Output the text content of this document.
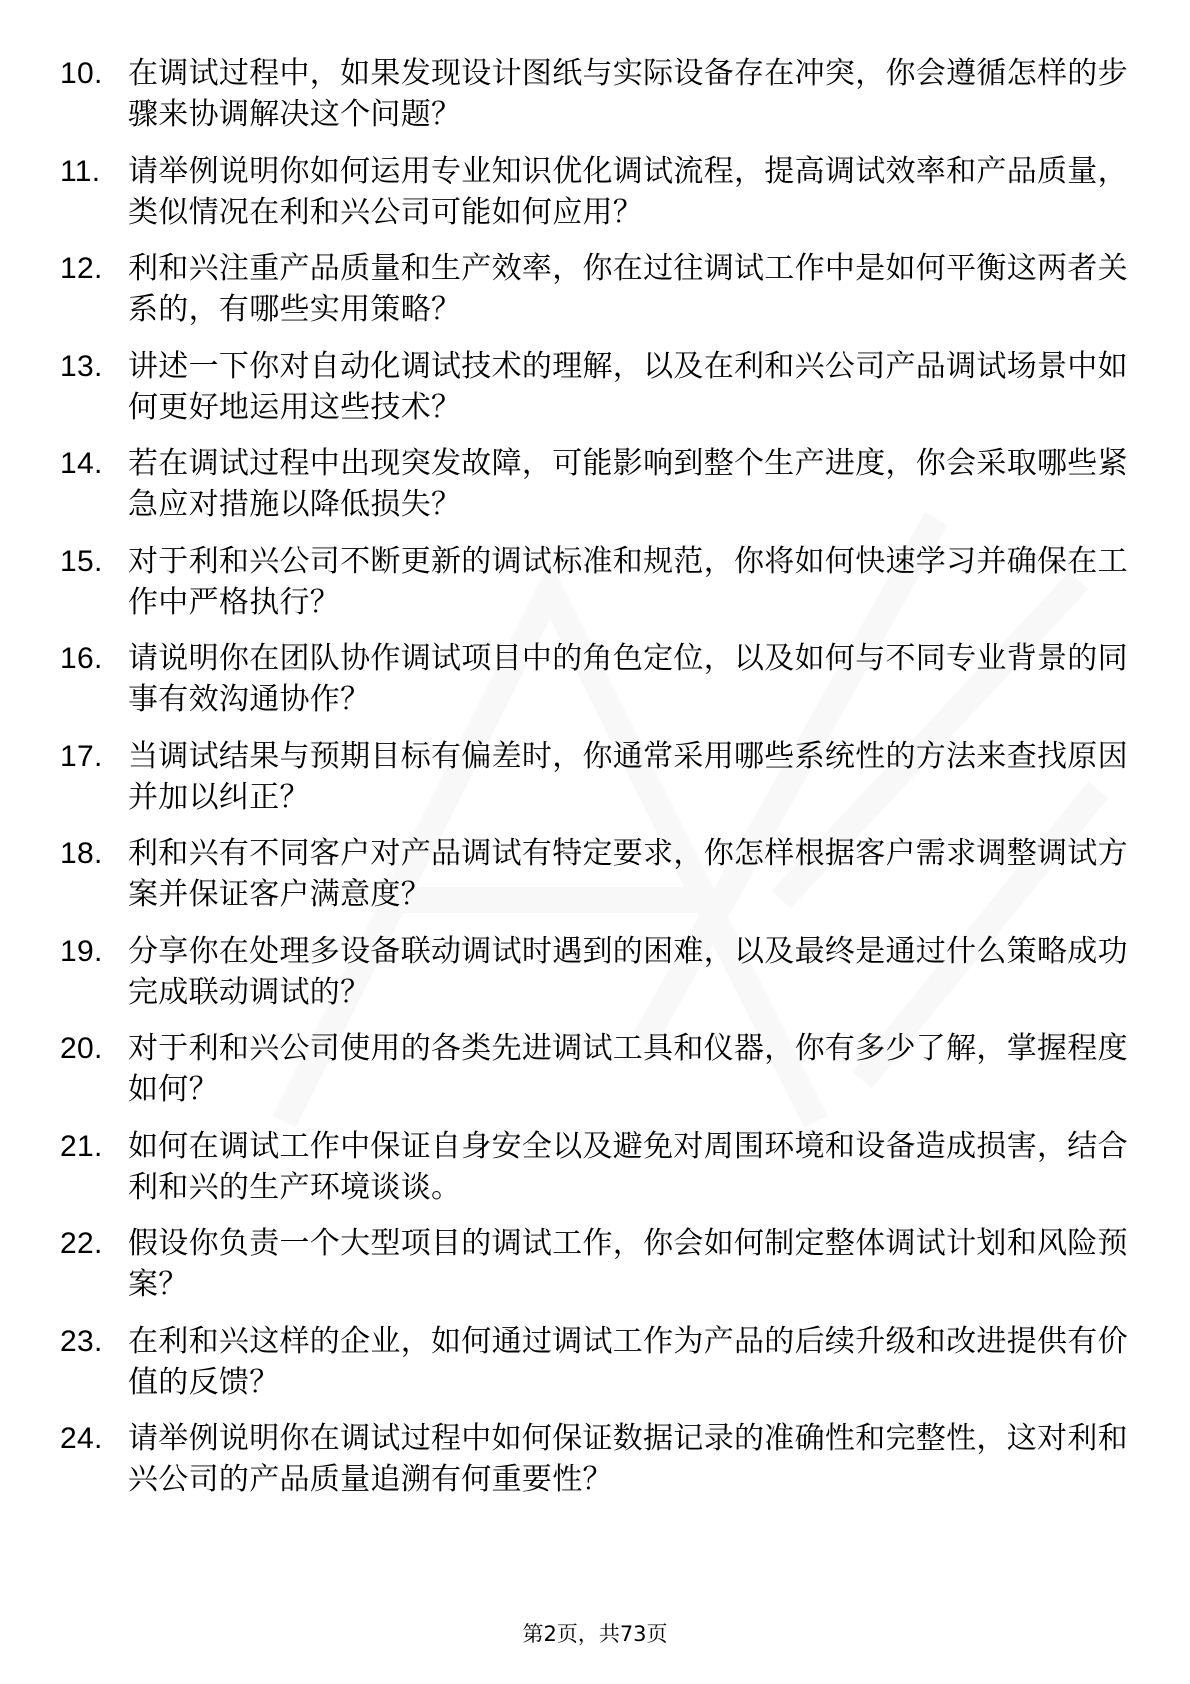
10. 在调试过程中，如果发现设计图纸与实际设备存在冲突，你会遵循怎样的步骤来协调解决这个问题？
11. 请举例说明你如何运用专业知识优化调试流程，提高调试效率和产品质量，类似情况在利和兴公司可能如何应用？
12. 利和兴注重产品质量和生产效率，你在过往调试工作中是如何平衡这两者关系的，有哪些实用策略？
13. 讲述一下你对自动化调试技术的理解，以及在利和兴公司产品调试场景中如何更好地运用这些技术？
14. 若在调试过程中出现突发故障，可能影响到整个生产进度，你会采取哪些紧急应对措施以降低损失？
15. 对于利和兴公司不断更新的调试标准和规范，你将如何快速学习并确保在工作中严格执行？
16. 请说明你在团队协作调试项目中的角色定位，以及如何与不同专业背景的同事有效沟通协作？
17. 当调试结果与预期目标有偏差时，你通常采用哪些系统性的方法来查找原因并加以纠正？
18. 利和兴有不同客户对产品调试有特定要求，你怎样根据客户需求调整调试方案并保证客户满意度？
19. 分享你在处理多设备联动调试时遇到的困难，以及最终是通过什么策略成功完成联动调试的？
20. 对于利和兴公司使用的各类先进调试工具和仪器，你有多少了解，掌握程度如何？
21. 如何在调试工作中保证自身安全以及避免对周围环境和设备造成损害，结合利和兴的生产环境谈谈。
22. 假设你负责一个大型项目的调试工作，你会如何制定整体调试计划和风险预案？
23. 在利和兴这样的企业，如何通过调试工作为产品的后续升级和改进提供有价值的反馈？
24. 请举例说明你在调试过程中如何保证数据记录的准确性和完整性，这对利和兴公司的产品质量追溯有何重要性？
第2页，共73页
